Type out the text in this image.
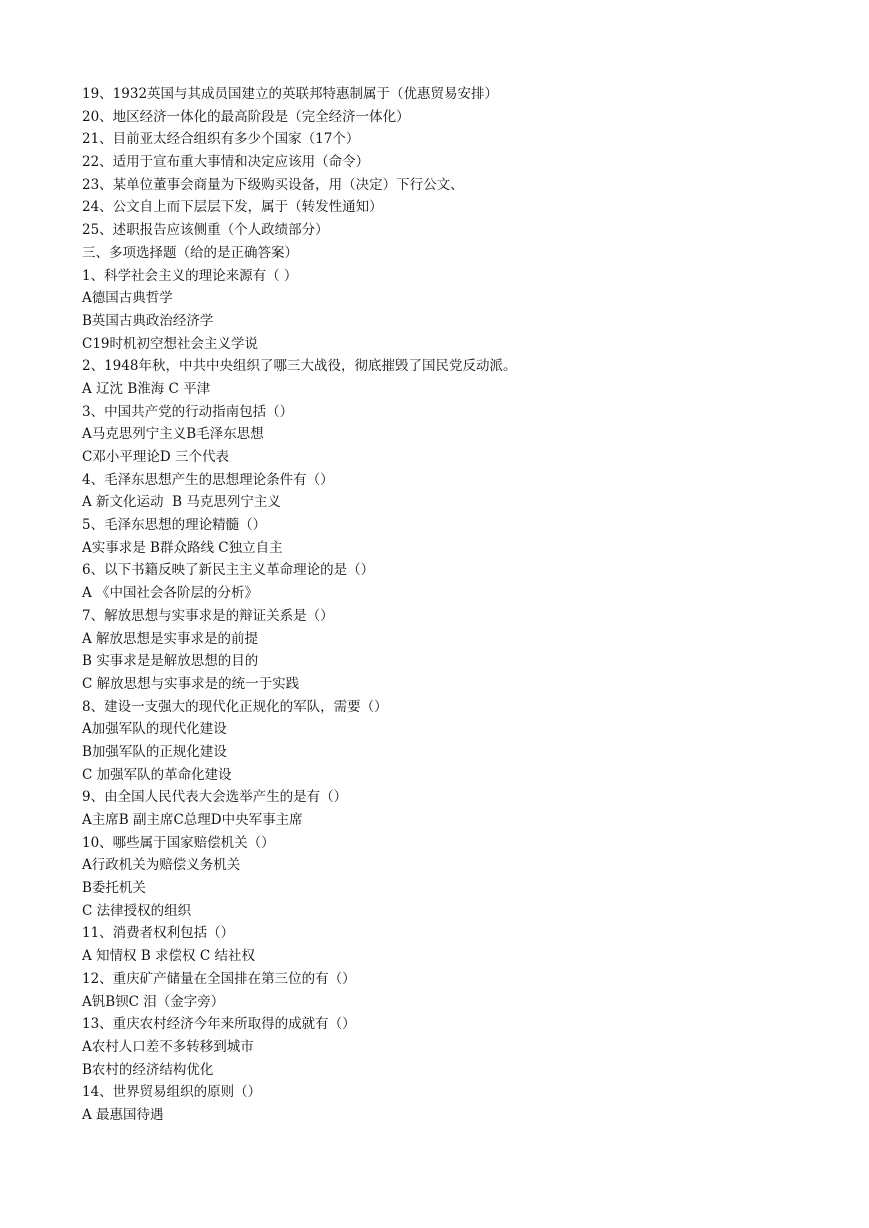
19、1932英国与其成员国建立的英联邦特惠制属于（优惠贸易安排）
20、地区经济一体化的最高阶段是（完全经济一体化）
21、目前亚太经合组织有多少个国家（17个）
22、适用于宣布重大事情和决定应该用（命令）
23、某单位董事会商量为下级购买设备，用（决定）下行公文、
24、公文自上而下层层下发，属于（转发性通知）
25、述职报告应该侧重（个人政绩部分）
三、多项选择题（给的是正确答案）
1、科学社会主义的理论来源有（ ）
A德国古典哲学
B英国古典政治经济学
C19时机初空想社会主义学说
2、1948年秋，中共中央组织了哪三大战役，彻底摧毁了国民党反动派。
A 辽沈 B淮海 C 平津
3、中国共产党的行动指南包括（）
A马克思列宁主义B毛泽东思想
C邓小平理论D 三个代表
4、毛泽东思想产生的思想理论条件有（）
A 新文化运动  B 马克思列宁主义
5、毛泽东思想的理论精髓（）
A实事求是 B群众路线 C独立自主
6、以下书籍反映了新民主主义革命理论的是（）
A 《中国社会各阶层的分析》
7、解放思想与实事求是的辩证关系是（）
A 解放思想是实事求是的前提
B 实事求是是解放思想的目的
C 解放思想与实事求是的统一于实践
8、建设一支强大的现代化正规化的军队，需要（）
A加强军队的现代化建设
B加强军队的正规化建设
C 加强军队的革命化建设
9、由全国人民代表大会选举产生的是有（）
A主席B 副主席C总理D中央军事主席
10、哪些属于国家赔偿机关（）
A行政机关为赔偿义务机关
B委托机关
C 法律授权的组织
11、消费者权利包括（）
A 知情权 B 求偿权 C 结社权
12、重庆矿产储量在全国排在第三位的有（）
A钒B钡C 泪（金字旁）
13、重庆农村经济今年来所取得的成就有（）
A农村人口差不多转移到城市
B农村的经济结构优化
14、世界贸易组织的原则（）
A 最惠国待遇
